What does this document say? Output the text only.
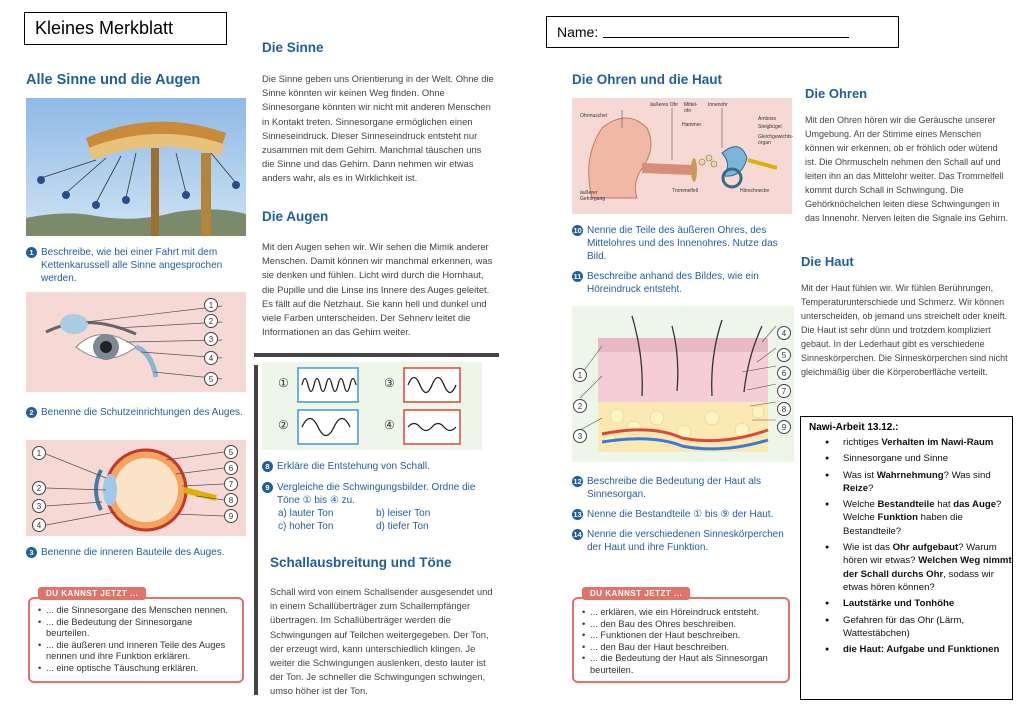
Kleines Merkblatt
Alle Sinne und die Augen
1 Beschreibe, wie bei einer Fahrt mit dem Kettenkarussell alle Sinne angesprochen werden.
1
2
3
4
5
2 Benenne die Schutzeinrichtungen des Auges.
1
2
3
4
5
6
7
8
9
3 Benenne die inneren Bauteile des Auges.
• ... die Sinnesorgane des Menschen nennen.
• ... die Bedeutung der Sinnesorgane beurteilen.
• ... die äußeren und inneren Teile des Auges nennen und ihre Funktion erklären.
• ... eine optische Täuschung erklären.
DU KANNST JETZT ...
Die Sinne
Die Sinne geben uns Orientierung in der Welt. Ohne die Sinne könnten wir keinen Weg finden. Ohne Sinnesorgane könnten wir nicht mit anderen Menschen in Kontakt treten. Sinnesorgane ermöglichen einen Sinneseindruck. Dieser Sinneseindruck entsteht nur zusammen mit dem Gehirn. Manchmal täuschen uns die Sinne und das Gehirn. Dann nehmen wir etwas anders wahr, als es in Wirklichkeit ist.
Die Augen
Mit den Augen sehen wir. Wir sehen die Mimik anderer Menschen. Damit können wir manchmal erkennen, was sie denken und fühlen. Licht wird durch die Hornhaut, die Pupille und die Linse ins Innere des Auges geleitet. Es fällt auf die Netzhaut. Sie kann hell und dunkel und viele Farben unterscheiden. Der Sehnerv leitet die Informationen an das Gehirn weiter.
①
②
③
④
8 Erkläre die Entstehung von Schall.
9 Vergleiche die Schwingungsbilder. Ordne die Töne ① bis ④ zu.
a) lauter Ton	b) leiser Ton
c) hoher Ton	d) tiefer Ton
Schallausbreitung und Töne
Schall wird von einem Schallsender ausgesendet und in einem Schallüberträger zum Schallempfänger übertragen. Im Schallüberträger werden die Schwingungen auf Teilchen weitergegeben. Der Ton, der erzeugt wird, kann unterschiedlich klingen. Je weiter die Schwingungen auslenken, desto lauter ist der Ton. Je schneller die Schwingungen schwingen, umso höher ist der Ton.
Name:
Die Ohren und die Haut
Ohrmuschel
äußeres Ohr Mittel-ohr
Innenohr
Amboss
Steigbügel
Hammer
Gleichgewichts-organ
äußerer Gehörgang
Trommelfell	Hörschnecke
10 Nenne die Teile des äußeren Ohres, des Mittelohres und des Innenohres. Nutze das Bild.
11 Beschreibe anhand des Bildes, wie ein Höreindruck entsteht.
1
2
3
4
5
6
7
8
9
12 Beschreibe die Bedeutung der Haut als Sinnesorgan.
13 Nenne die Bestandteile ① bis ⑨ der Haut.
14 Nenne die verschiedenen Sinneskörperchen der Haut und ihre Funktion.
• ... erklären, wie ein Höreindruck entsteht.
• ... den Bau des Ohres beschreiben.
• ... Funktionen der Haut beschreiben.
• ... den Bau der Haut beschreiben.
• ... die Bedeutung der Haut als Sinnesorgan beurteilen.
DU KANNST JETZT ...
Die Ohren
Mit den Ohren hören wir die Geräusche unserer Umgebung. An der Stimme eines Menschen können wir erkennen, ob er fröhlich oder wütend ist. Die Ohrmuscheln nehmen den Schall auf und leiten ihn an das Mittelohr weiter. Das Trommelfell kommt durch Schall in Schwingung. Die Gehörknöchelchen leiten diese Schwingungen in das Innenohr. Nerven leiten die Signale ins Gehirn.
Die Haut
Mit der Haut fühlen wir. Wir fühlen Berührungen, Temperaturunterschiede und Schmerz. Wir können unterscheiden, ob jemand uns streichelt oder kneift. Die Haut ist sehr dünn und trotzdem kompliziert gebaut. In der Lederhaut gibt es verschiedene Sinneskörperchen. Die Sinneskörperchen sind nicht gleichmäßig über die Körperoberfläche verteilt.
Nawi-Arbeit 13.12.:
● richtiges Verhalten im Nawi-Raum
● Sinnesorgane und Sinne
● Was ist Wahrnehmung? Was sind Reize?
● Welche Bestandteile hat das Auge? Welche Funktion haben die Bestandteile?
● Wie ist das Ohr aufgebaut? Warum hören wir etwas? Welchen Weg nimmt der Schall durchs Ohr, sodass wir etwas hören können?
● Lautstärke und Tonhöhe
● Gefahren für das Ohr (Lärm, Wattestäbchen)
● die Haut: Aufgabe und Funktionen
